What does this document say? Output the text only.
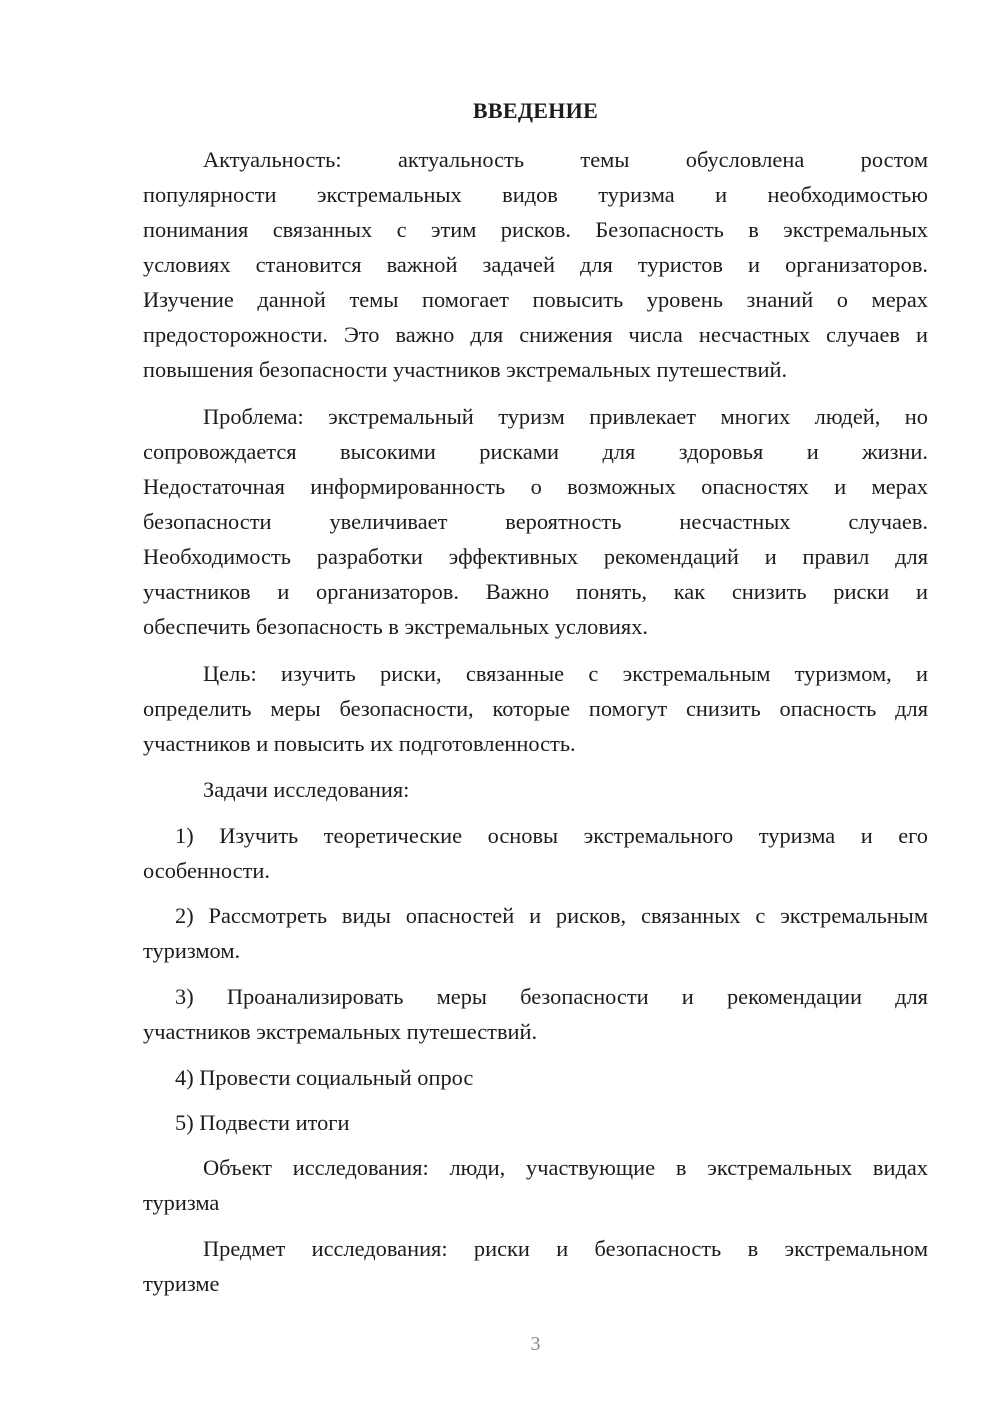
ВВЕДЕНИЕ
Актуальность: актуальность темы обусловлена ростом
популярности экстремальных видов туризма и необходимостью
понимания связанных с этим рисков. Безопасность в экстремальных
условиях становится важной задачей для туристов и организаторов.
Изучение данной темы помогает повысить уровень знаний о мерах
предосторожности. Это важно для снижения числа несчастных случаев и
повышения безопасности участников экстремальных путешествий.
Проблема: экстремальный туризм привлекает многих людей, но
сопровождается высокими рисками для здоровья и жизни.
Недостаточная информированность о возможных опасностях и мерах
безопасности увеличивает вероятность несчастных случаев.
Необходимость разработки эффективных рекомендаций и правил для
участников и организаторов. Важно понять, как снизить риски и
обеспечить безопасность в экстремальных условиях.
Цель: изучить риски, связанные с экстремальным туризмом, и
определить меры безопасности, которые помогут снизить опасность для
участников и повысить их подготовленность.
Задачи исследования:
1) Изучить теоретические основы экстремального туризма и его
особенности.
2) Рассмотреть виды опасностей и рисков, связанных с экстремальным
туризмом.
3) Проанализировать меры безопасности и рекомендации для
участников экстремальных путешествий.
4) Провести социальный опрос
5) Подвести итоги
Объект исследования: люди, участвующие в экстремальных видах
туризма
Предмет исследования: риски и безопасность в экстремальном
туризме
3
